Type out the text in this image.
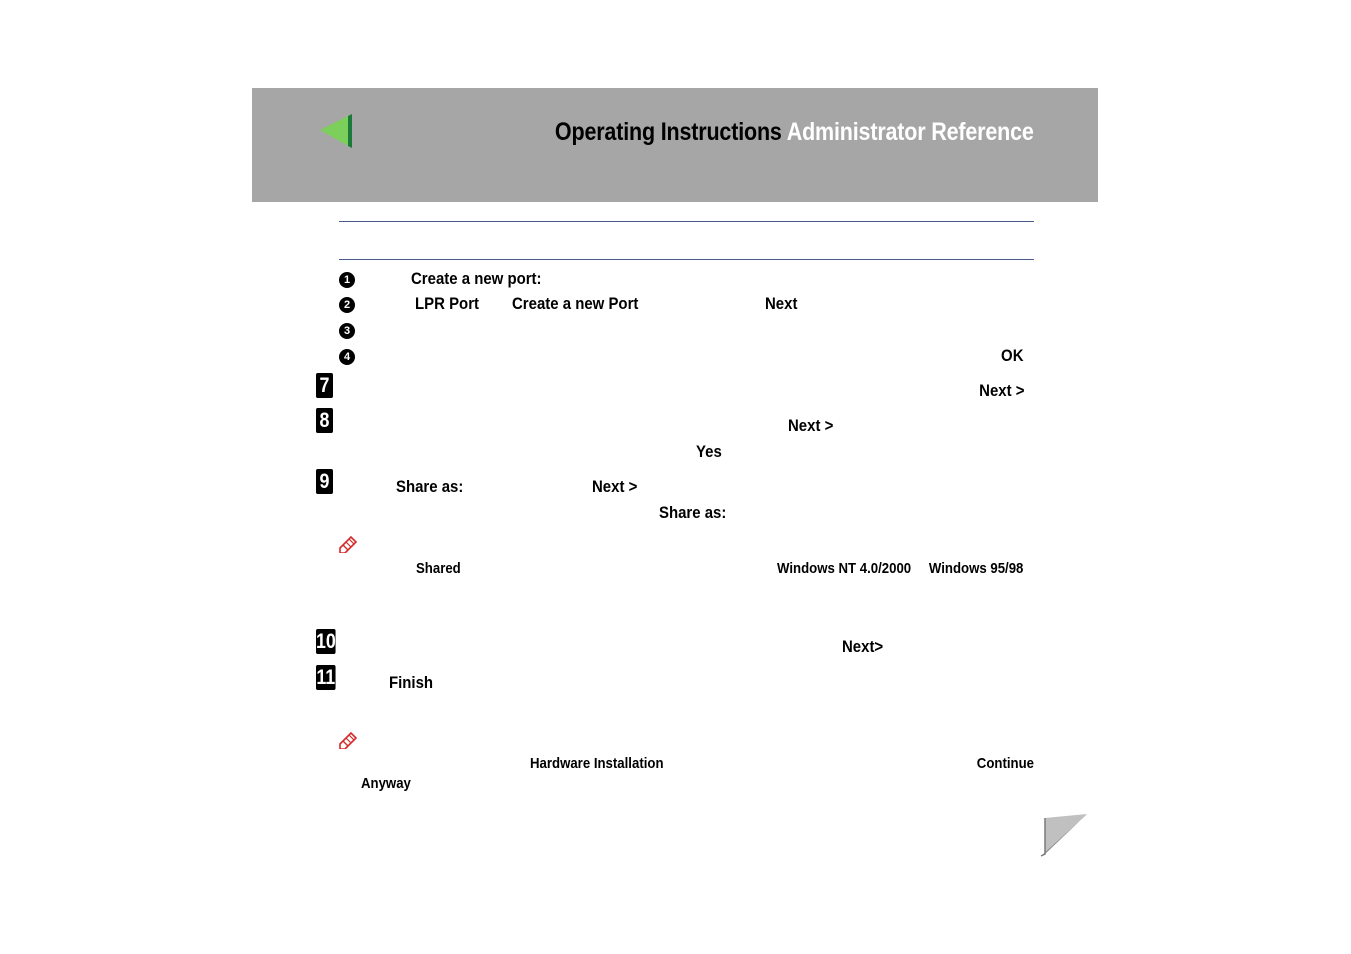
Operating Instructions Administrator Reference
1	Create a new port:
2	LPR Port Create a new Port	Next
3
4	OK
7	Next >
8	Next >
Yes
9	Share as:	Next >
Share as:
Shared	Windows NT 4.0/2000 Windows 95/98
10	Next>
11	Finish
Hardware Installation	Continue
Anyway
